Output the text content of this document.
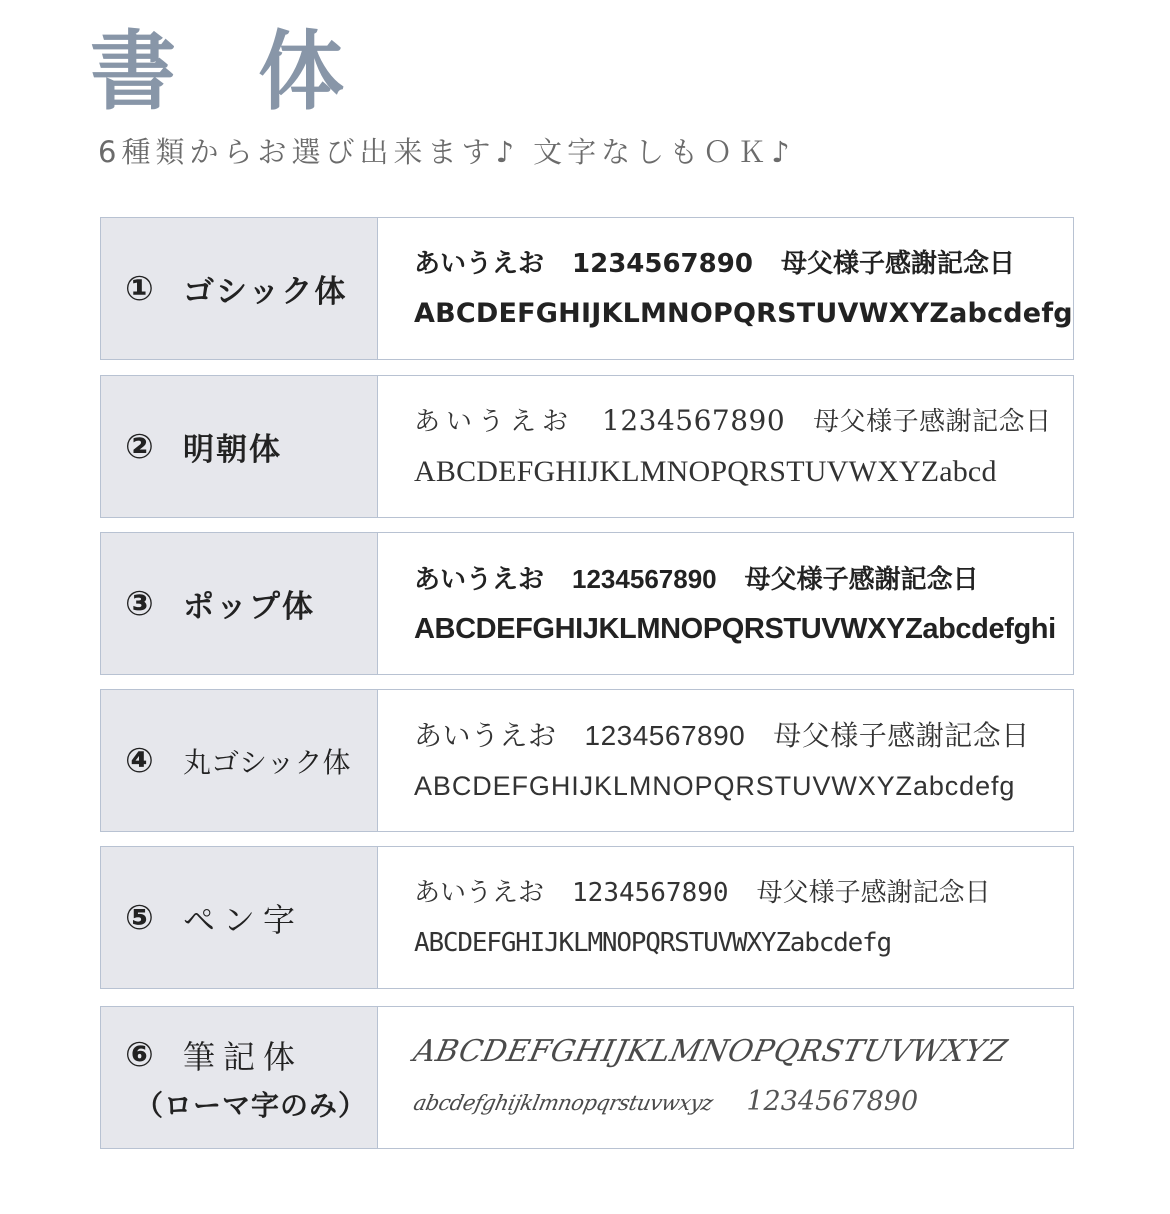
書 体
6種類からお選び出来ます♪ 文字なしもＯＫ♪
① ゴシック体
あいうえお 1234567890 母父様子感謝記念日
ABCDEFGHIJKLMNOPQRSTUVWXYZabcdefg
② 明朝体
あいうえお 1234567890 母父様子感謝記念日
ABCDEFGHIJKLMNOPQRSTUVWXYZabcd
③ ポップ体
あいうえお 1234567890 母父様子感謝記念日
ABCDEFGHIJKLMNOPQRSTUVWXYZabcdefghi
④	丸ゴシック体
あいうえお 1234567890 母父様子感謝記念日
ABCDEFGHIJKLMNOPQRSTUVWXYZabcdefg
⑤ ペン字
あいうえお 1234567890 母父様子感謝記念日
ABCDEFGHIJKLMNOPQRSTUVWXYZabcdefg
⑥ 筆記体
（ローマ字のみ）
ABCDEFGHIJKLMNOPQRSTUVWXYZ
abcdefghijklmnopqrstuvwxyz 1234567890
